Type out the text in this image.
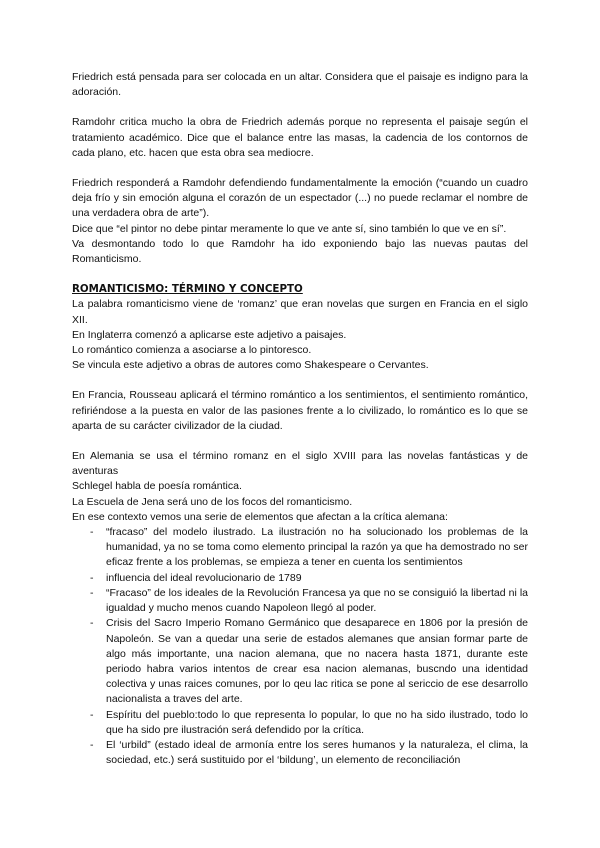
Friedrich está pensada para ser colocada en un altar. Considera que el paisaje es indigno para la adoración.

Ramdohr critica mucho la obra de Friedrich además porque no representa el paisaje según el tratamiento académico. Dice que el balance entre las masas, la cadencia de los contornos de cada plano, etc. hacen que esta obra sea mediocre.

Friedrich responderá a Ramdohr defendiendo fundamentalmente la emoción (“cuando un cuadro deja frío y sin emoción alguna el corazón de un espectador (...) no puede reclamar el nombre de una verdadera obra de arte”).

Dice que “el pintor no debe pintar meramente lo que ve ante sí, sino también lo que ve en sí”.

Va desmontando todo lo que Ramdohr ha ido exponiendo bajo las nuevas pautas del Romanticismo.

ROMANTICISMO: TÉRMINO Y CONCEPTO

La palabra romanticismo viene de ‘romanz’ que eran novelas que surgen en Francia en el siglo XII.

En Inglaterra comenzó a aplicarse este adjetivo a paisajes.

Lo romántico comienza a asociarse a lo pintoresco.

Se vincula este adjetivo a obras de autores como Shakespeare o Cervantes.

En Francia, Rousseau aplicará el término romántico a los sentimientos, el sentimiento romántico, refiriéndose a la puesta en valor de las pasiones frente a lo civilizado, lo romántico es lo que se aparta de su carácter civilizador de la ciudad.

En Alemania se usa el término romanz en el siglo XVIII para las novelas fantásticas y de aventuras

Schlegel habla de poesía romántica.

La Escuela de Jena será uno de los focos del romanticismo.

En ese contexto vemos una serie de elementos que afectan a la crítica alemana:

- “fracaso” del modelo ilustrado. La ilustración no ha solucionado los problemas de la humanidad, ya no se toma como elemento principal la razón ya que ha demostrado no ser eficaz frente a los problemas, se empieza a tener en cuenta los sentimientos
- influencia del ideal revolucionario de 1789
- “Fracaso” de los ideales de la Revolución Francesa ya que no se consiguió la libertad ni la igualdad y mucho menos cuando Napoleon llegó al poder.
- Crisis del Sacro Imperio Romano Germánico que desaparece en 1806 por la presión de Napoleón. Se van a quedar una serie de estados alemanes que ansian formar parte de algo más importante, una nacion alemana, que no nacera hasta 1871, durante este periodo habra varios intentos de crear esa nacion alemanas, buscndo una identidad colectiva y unas raices comunes, por lo qeu lac ritica se pone al sericcio de ese desarrollo nacionalista a traves del arte.
- Espíritu del pueblo:todo lo que representa lo popular, lo que no ha sido ilustrado, todo lo que ha sido pre ilustración será defendido por la crítica.
- El ‘urbild” (estado ideal de armonía entre los seres humanos y la naturaleza, el clima, la sociedad, etc.) será sustituido por el ‘bildung’, un elemento de reconciliación
